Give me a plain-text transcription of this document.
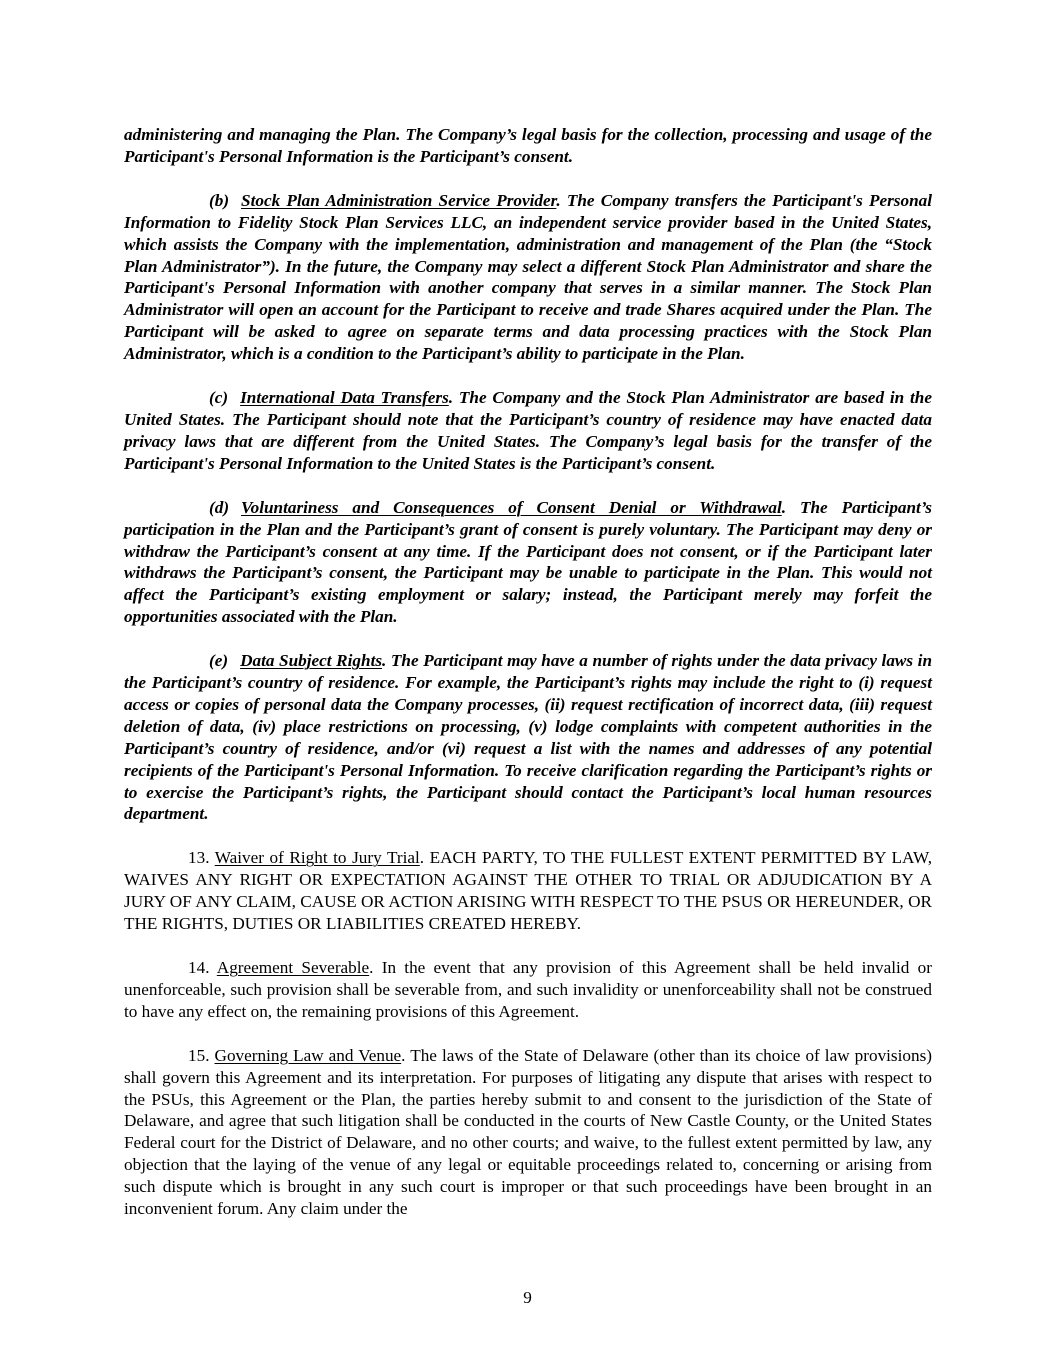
administering and managing the Plan. The Company’s legal basis for the collection, processing and usage of the Participant's Personal Information is the Participant’s consent.

(b) Stock Plan Administration Service Provider. The Company transfers the Participant's Personal Information to Fidelity Stock Plan Services LLC, an independent service provider based in the United States, which assists the Company with the implementation, administration and management of the Plan (the “Stock Plan Administrator”). In the future, the Company may select a different Stock Plan Administrator and share the Participant's Personal Information with another company that serves in a similar manner. The Stock Plan Administrator will open an account for the Participant to receive and trade Shares acquired under the Plan. The Participant will be asked to agree on separate terms and data processing practices with the Stock Plan Administrator, which is a condition to the Participant’s ability to participate in the Plan.

(c) International Data Transfers. The Company and the Stock Plan Administrator are based in the United States. The Participant should note that the Participant’s country of residence may have enacted data privacy laws that are different from the United States. The Company’s legal basis for the transfer of the Participant's Personal Information to the United States is the Participant’s consent.

(d) Voluntariness and Consequences of Consent Denial or Withdrawal. The Participant’s participation in the Plan and the Participant’s grant of consent is purely voluntary. The Participant may deny or withdraw the Participant’s consent at any time. If the Participant does not consent, or if the Participant later withdraws the Participant’s consent, the Participant may be unable to participate in the Plan. This would not affect the Participant’s existing employment or salary; instead, the Participant merely may forfeit the opportunities associated with the Plan.

(e) Data Subject Rights. The Participant may have a number of rights under the data privacy laws in the Participant’s country of residence. For example, the Participant’s rights may include the right to (i) request access or copies of personal data the Company processes, (ii) request rectification of incorrect data, (iii) request deletion of data, (iv) place restrictions on processing, (v) lodge complaints with competent authorities in the Participant’s country of residence, and/or (vi) request a list with the names and addresses of any potential recipients of the Participant's Personal Information. To receive clarification regarding the Participant’s rights or to exercise the Participant’s rights, the Participant should contact the Participant’s local human resources department.

13. Waiver of Right to Jury Trial. EACH PARTY, TO THE FULLEST EXTENT PERMITTED BY LAW, WAIVES ANY RIGHT OR EXPECTATION AGAINST THE OTHER TO TRIAL OR ADJUDICATION BY A JURY OF ANY CLAIM, CAUSE OR ACTION ARISING WITH RESPECT TO THE PSUS OR HEREUNDER, OR THE RIGHTS, DUTIES OR LIABILITIES CREATED HEREBY.

14. Agreement Severable. In the event that any provision of this Agreement shall be held invalid or unenforceable, such provision shall be severable from, and such invalidity or unenforceability shall not be construed to have any effect on, the remaining provisions of this Agreement.

15. Governing Law and Venue. The laws of the State of Delaware (other than its choice of law provisions) shall govern this Agreement and its interpretation. For purposes of litigating any dispute that arises with respect to the PSUs, this Agreement or the Plan, the parties hereby submit to and consent to the jurisdiction of the State of Delaware, and agree that such litigation shall be conducted in the courts of New Castle County, or the United States Federal court for the District of Delaware, and no other courts; and waive, to the fullest extent permitted by law, any objection that the laying of the venue of any legal or equitable proceedings related to, concerning or arising from such dispute which is brought in any such court is improper or that such proceedings have been brought in an inconvenient forum. Any claim under the

9
